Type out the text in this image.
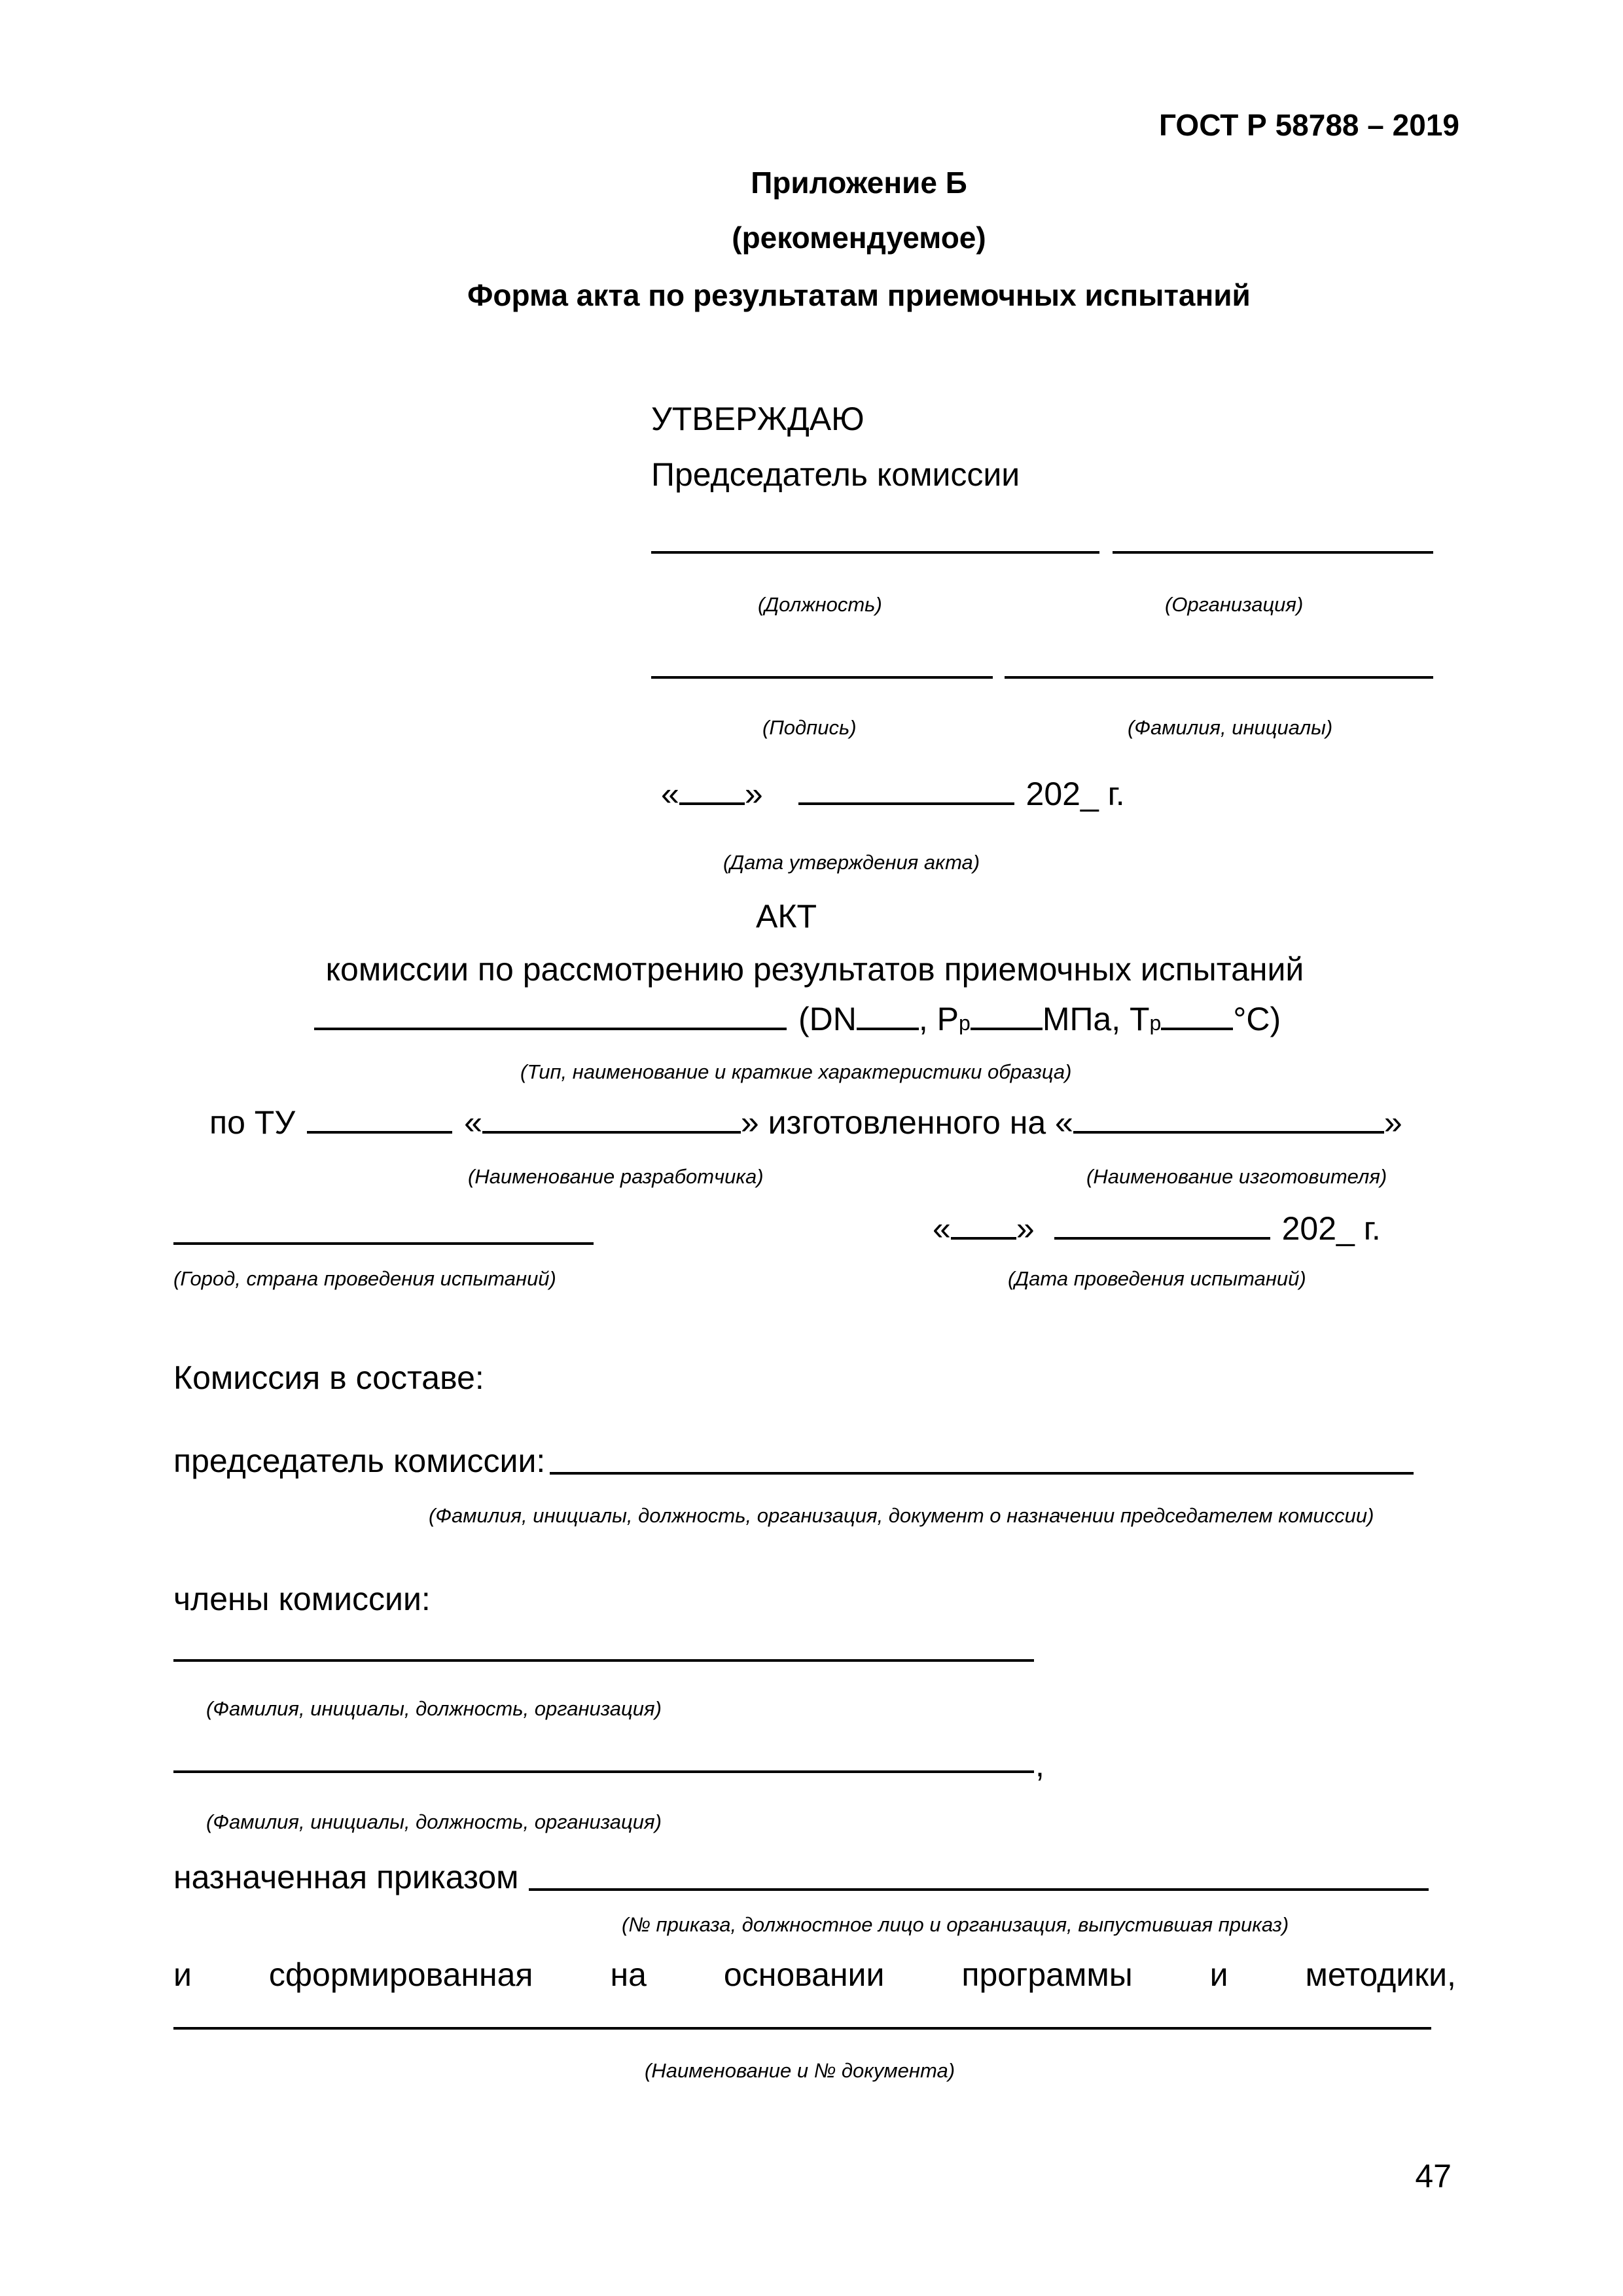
ГОСТ Р 58788 – 2019
Приложение Б
(рекомендуемое)
Форма акта по результатам приемочных испытаний
УТВЕРЖДАЮ
Председатель комиссии
(Должность)	(Организация)
(Подпись)	(Фамилия, инициалы)
« »	202_ г.
(Дата утверждения акта)
АКТ
комиссии по рассмотрению результатов приемочных испытаний
(DN , Pp МПа, Tp °C)
(Тип, наименование и краткие характеристики образца)
по ТУ	«	» изготовленного на «	»
(Наименование разработчика)	(Наименование изготовителя)
« »	202_ г.
(Город, страна проведения испытаний)	(Дата проведения испытаний)
Комиссия в составе:
председатель комиссии:
(Фамилия, инициалы, должность, организация, документ о назначении председателем комиссии)
члены комиссии:
(Фамилия, инициалы, должность, организация)
,
(Фамилия, инициалы, должность, организация)
назначенная приказом
(№ приказа, должностное лицо и организация, выпустившая приказ)
и сформированная на основании программы и методики,
(Наименование и № документа)
47
